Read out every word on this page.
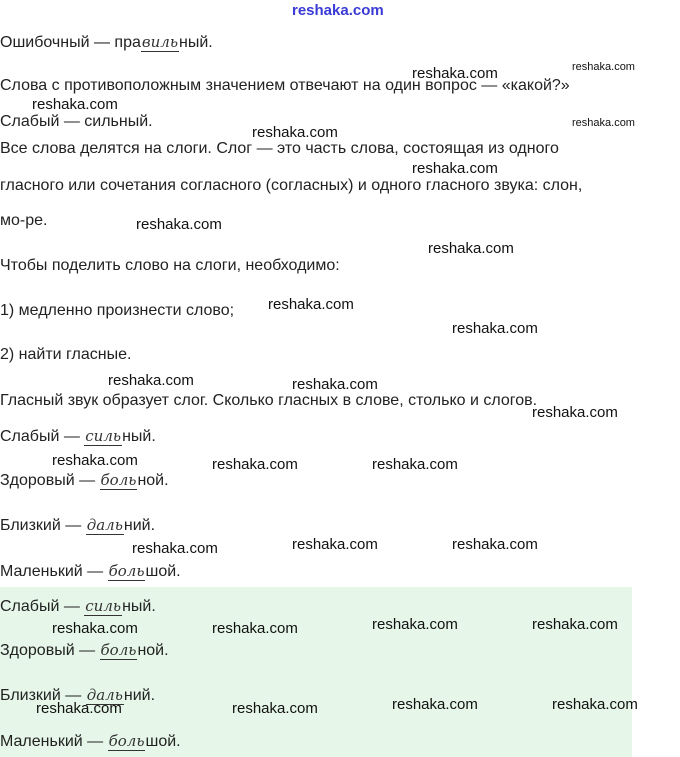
reshaka.com
Ошибочный — правильный.
Слова с противоположным значением отвечают на один вопрос — «какой?»
Слабый — сильный.
Все слова делятся на слоги. Слог — это часть слова, состоящая из одного
гласного или сочетания согласного (согласных) и одного гласного звука: слон,
мо-ре.
Чтобы поделить слово на слоги, необходимо:
1) медленно произнести слово;
2) найти гласные.
Гласный звук образует слог. Сколько гласных в слове, столько и слогов.
Слабый — сильный.
Здоровый — больной.
Близкий — дальний.
Маленький — большой.
Слабый — сильный.
Здоровый — больной.
Близкий — дальний.
Маленький — большой.
reshaka.com	reshaka.com
reshaka.com
reshaka.com
reshaka.com
reshaka.com
reshaka.com
reshaka.com
reshaka.com
reshaka.com
reshaka.com	reshaka.com
reshaka.com
reshaka.com	reshaka.com	reshaka.com
reshaka.com	reshaka.com	reshaka.com
reshaka.com	reshaka.com	reshaka.com	reshaka.com
reshaka.com	reshaka.com	reshaka.com	reshaka.com
